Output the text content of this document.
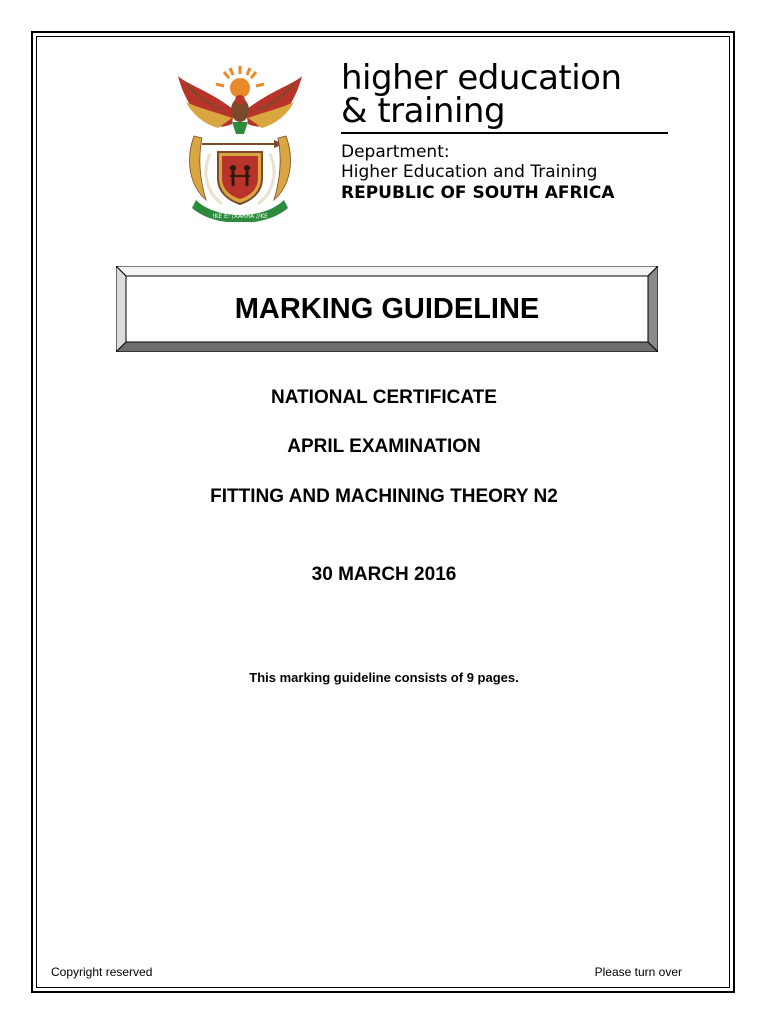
!KE E: /XARRA //KE
higher education
& training
Department:
Higher Education and Training
REPUBLIC OF SOUTH AFRICA
MARKING GUIDELINE
NATIONAL CERTIFICATE
APRIL EXAMINATION
FITTING AND MACHINING THEORY N2
30 MARCH 2016
This marking guideline consists of 9 pages.
Copyright reserved	Please turn over
